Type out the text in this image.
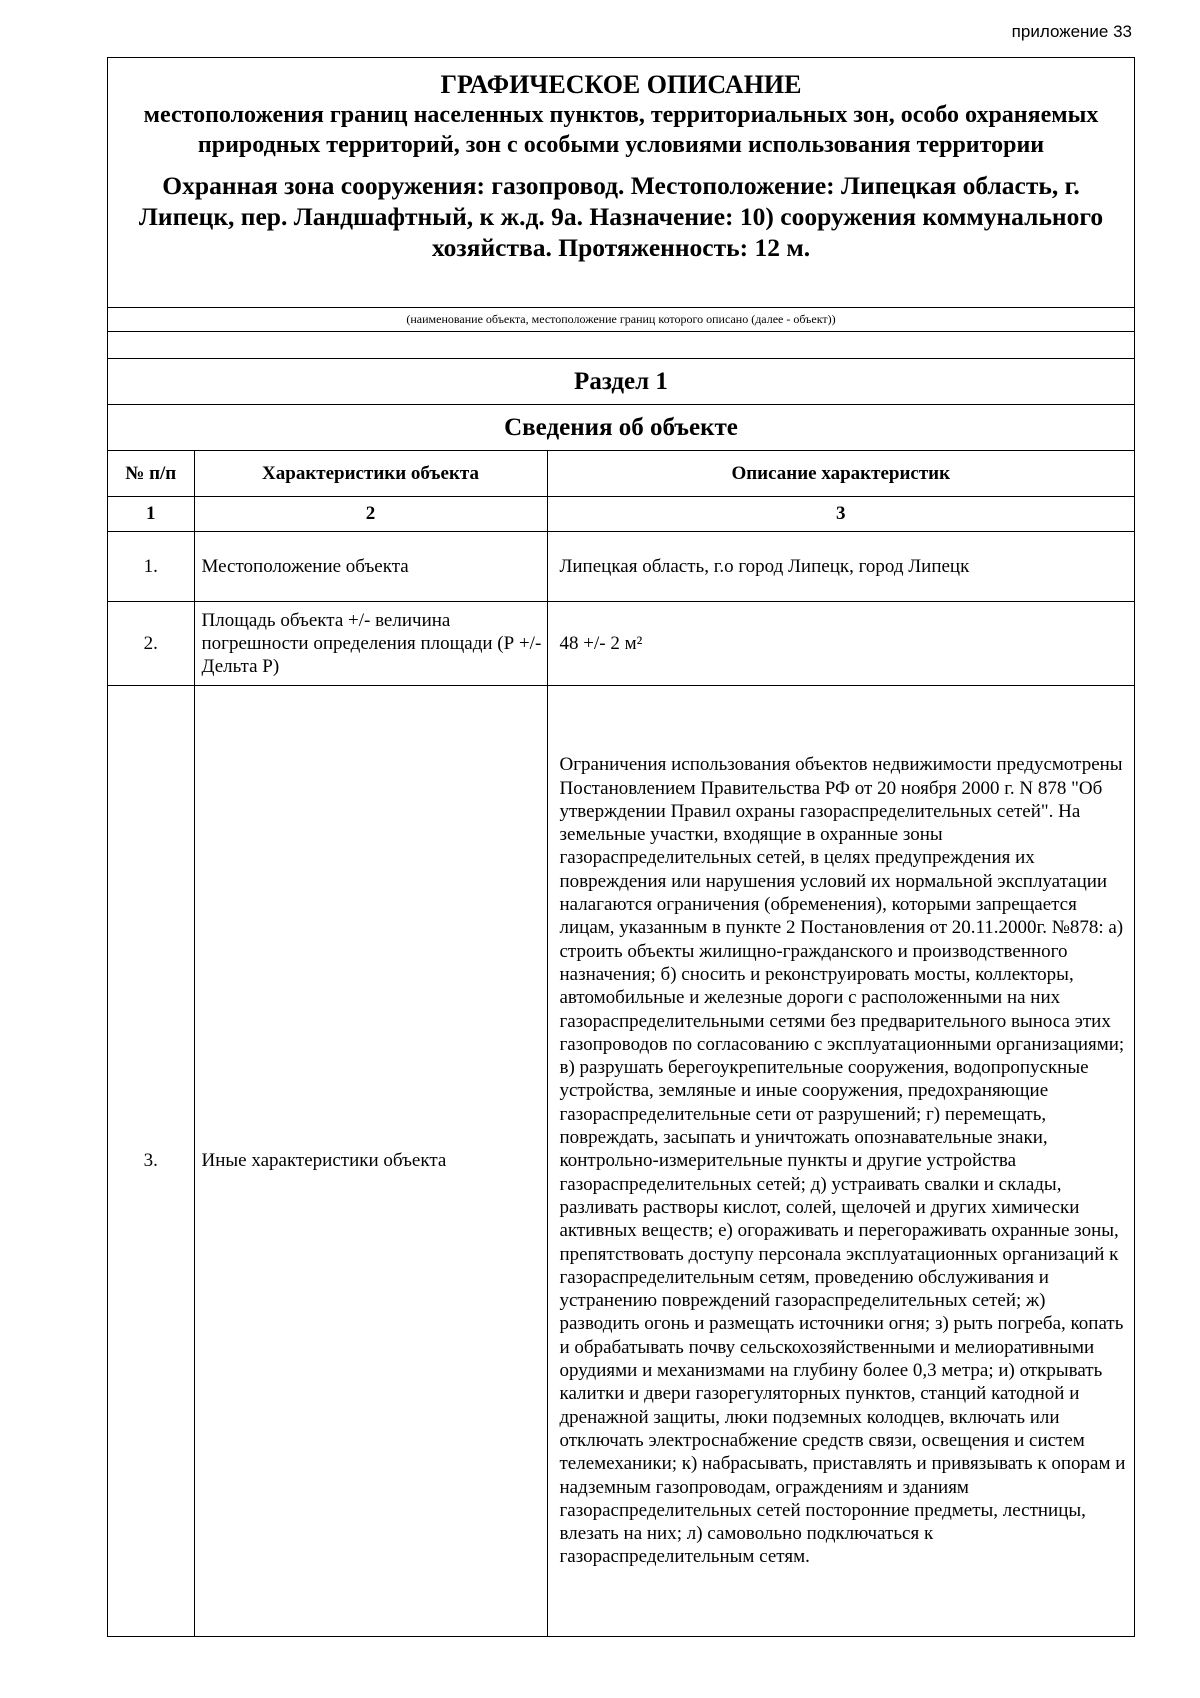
приложение 33
ГРАФИЧЕСКОЕ ОПИСАНИЕ
местоположения границ населенных пунктов, территориальных зон, особо охраняемых природных территорий, зон с особыми условиями использования территории
Охранная зона сооружения: газопровод. Местоположение: Липецкая область, г. Липецк, пер. Ландшафтный, к ж.д. 9а. Назначение: 10) сооружения коммунального хозяйства. Протяженность: 12 м.
(наименование объекта, местоположение границ которого описано (далее - объект))
Раздел 1
Сведения об объекте
№ п/п	Характеристики объекта	Описание характеристик
1	2	3
1.	Местоположение объекта	Липецкая область, г.о город Липецк, город Липецк
2.	Площадь объекта +/- величина погрешности определения площади (Р +/- Дельта Р)	48 +/- 2 м²
3.	Иные характеристики объекта	Ограничения использования объектов недвижимости предусмотрены Постановлением Правительства РФ от 20 ноября 2000 г. N 878 "Об утверждении Правил охраны газораспределительных сетей". На земельные участки, входящие в охранные зоны газораспределительных сетей, в целях предупреждения их повреждения или нарушения условий их нормальной эксплуатации налагаются ограничения (обременения), которыми запрещается лицам, указанным в пункте 2 Постановления от 20.11.2000г. №878: а) строить объекты жилищно-гражданского и производственного назначения; б) сносить и реконструировать мосты, коллекторы, автомобильные и железные дороги с расположенными на них газораспределительными сетями без предварительного выноса этих газопроводов по согласованию с эксплуатационными организациями; в) разрушать берегоукрепительные сооружения, водопропускные устройства, земляные и иные сооружения, предохраняющие газораспределительные сети от разрушений; г) перемещать, повреждать, засыпать и уничтожать опознавательные знаки, контрольно-измерительные пункты и другие устройства газораспределительных сетей; д) устраивать свалки и склады, разливать растворы кислот, солей, щелочей и других химически активных веществ; е) огораживать и перегораживать охранные зоны, препятствовать доступу персонала эксплуатационных организаций к газораспределительным сетям, проведению обслуживания и устранению повреждений газораспределительных сетей; ж) разводить огонь и размещать источники огня; з) рыть погреба, копать и обрабатывать почву сельскохозяйственными и мелиоративными орудиями и механизмами на глубину более 0,3 метра; и) открывать калитки и двери газорегуляторных пунктов, станций катодной и дренажной защиты, люки подземных колодцев, включать или отключать электроснабжение средств связи, освещения и систем телемеханики; к) набрасывать, приставлять и привязывать к опорам и надземным газопроводам, ограждениям и зданиям газораспределительных сетей посторонние предметы, лестницы, влезать на них; л) самовольно подключаться к газораспределительным сетям.
